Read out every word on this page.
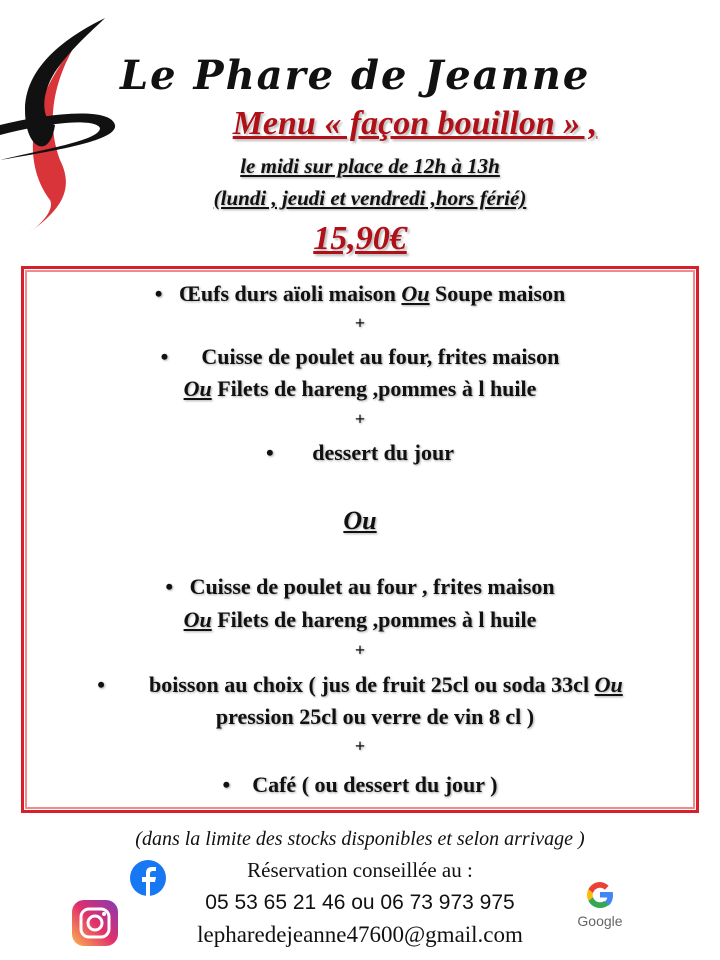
Le Phare de Jeanne
Menu « façon bouillon » ,
le midi sur place de 12h à 13h
(lundi , jeudi et vendredi ,hors férié)
15,90€
• Œufs durs aïoli maison Ou Soupe maison
+
• Cuisse de poulet au four, frites maison
Ou Filets de hareng ,pommes à l huile
+
• dessert du jour
Ou
• Cuisse de poulet au four , frites maison
Ou Filets de hareng ,pommes à l huile
+
• boisson au choix ( jus de fruit 25cl ou soda 33cl Ou
pression 25cl ou verre de vin 8 cl )
+
• Café ( ou dessert du jour )
(dans la limite des stocks disponibles et selon arrivage )
Réservation conseillée au :
05 53 65 21 46 ou 06 73 973 975
lepharedejeanne47600@gmail.com
Google
